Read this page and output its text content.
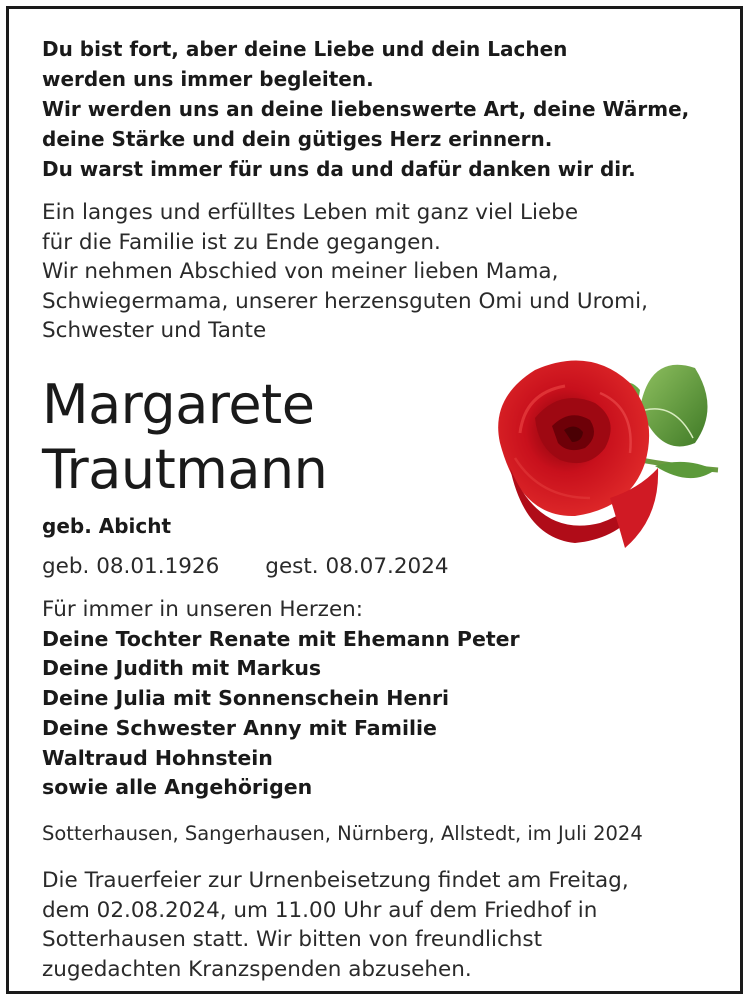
Du bist fort, aber deine Liebe und dein Lachen
werden uns immer begleiten.
Wir werden uns an deine liebenswerte Art, deine Wärme,
deine Stärke und dein gütiges Herz erinnern.
Du warst immer für uns da und dafür danken wir dir.
Ein langes und erfülltes Leben mit ganz viel Liebe
für die Familie ist zu Ende gegangen.
Wir nehmen Abschied von meiner lieben Mama,
Schwiegermama, unserer herzensguten Omi und Uromi,
Schwester und Tante
Margarete
Trautmann
geb. Abicht
geb. 08.01.1926 gest. 08.07.2024
Für immer in unseren Herzen:
Deine Tochter Renate mit Ehemann Peter
Deine Judith mit Markus
Deine Julia mit Sonnenschein Henri
Deine Schwester Anny mit Familie
Waltraud Hohnstein
sowie alle Angehörigen
Sotterhausen, Sangerhausen, Nürnberg, Allstedt, im Juli 2024
Die Trauerfeier zur Urnenbeisetzung findet am Freitag,
dem 02.08.2024, um 11.00 Uhr auf dem Friedhof in
Sotterhausen statt. Wir bitten von freundlichst
zugedachten Kranzspenden abzusehen.
